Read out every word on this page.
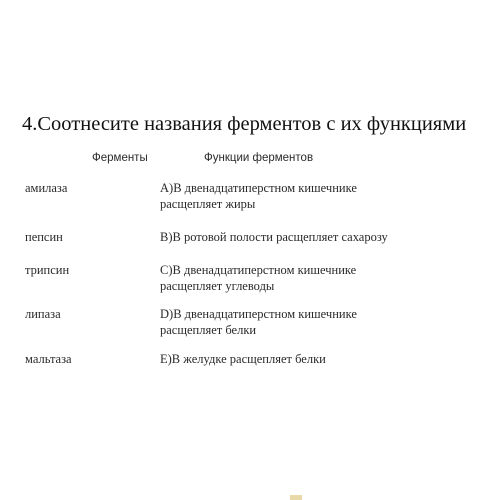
4.Соотнесите названия ферментов с их функциями
Ферменты	Функции ферментов
амилаза	А)В двенадцатиперстном кишечнике
расщепляет жиры
пепсин	В)В ротовой полости расщепляет сахарозу
трипсин	С)В двенадцатиперстном кишечнике
расщепляет углеводы
липаза	D)В двенадцатиперстном кишечнике
расщепляет белки
мальтаза	Е)В желудке расщепляет белки
